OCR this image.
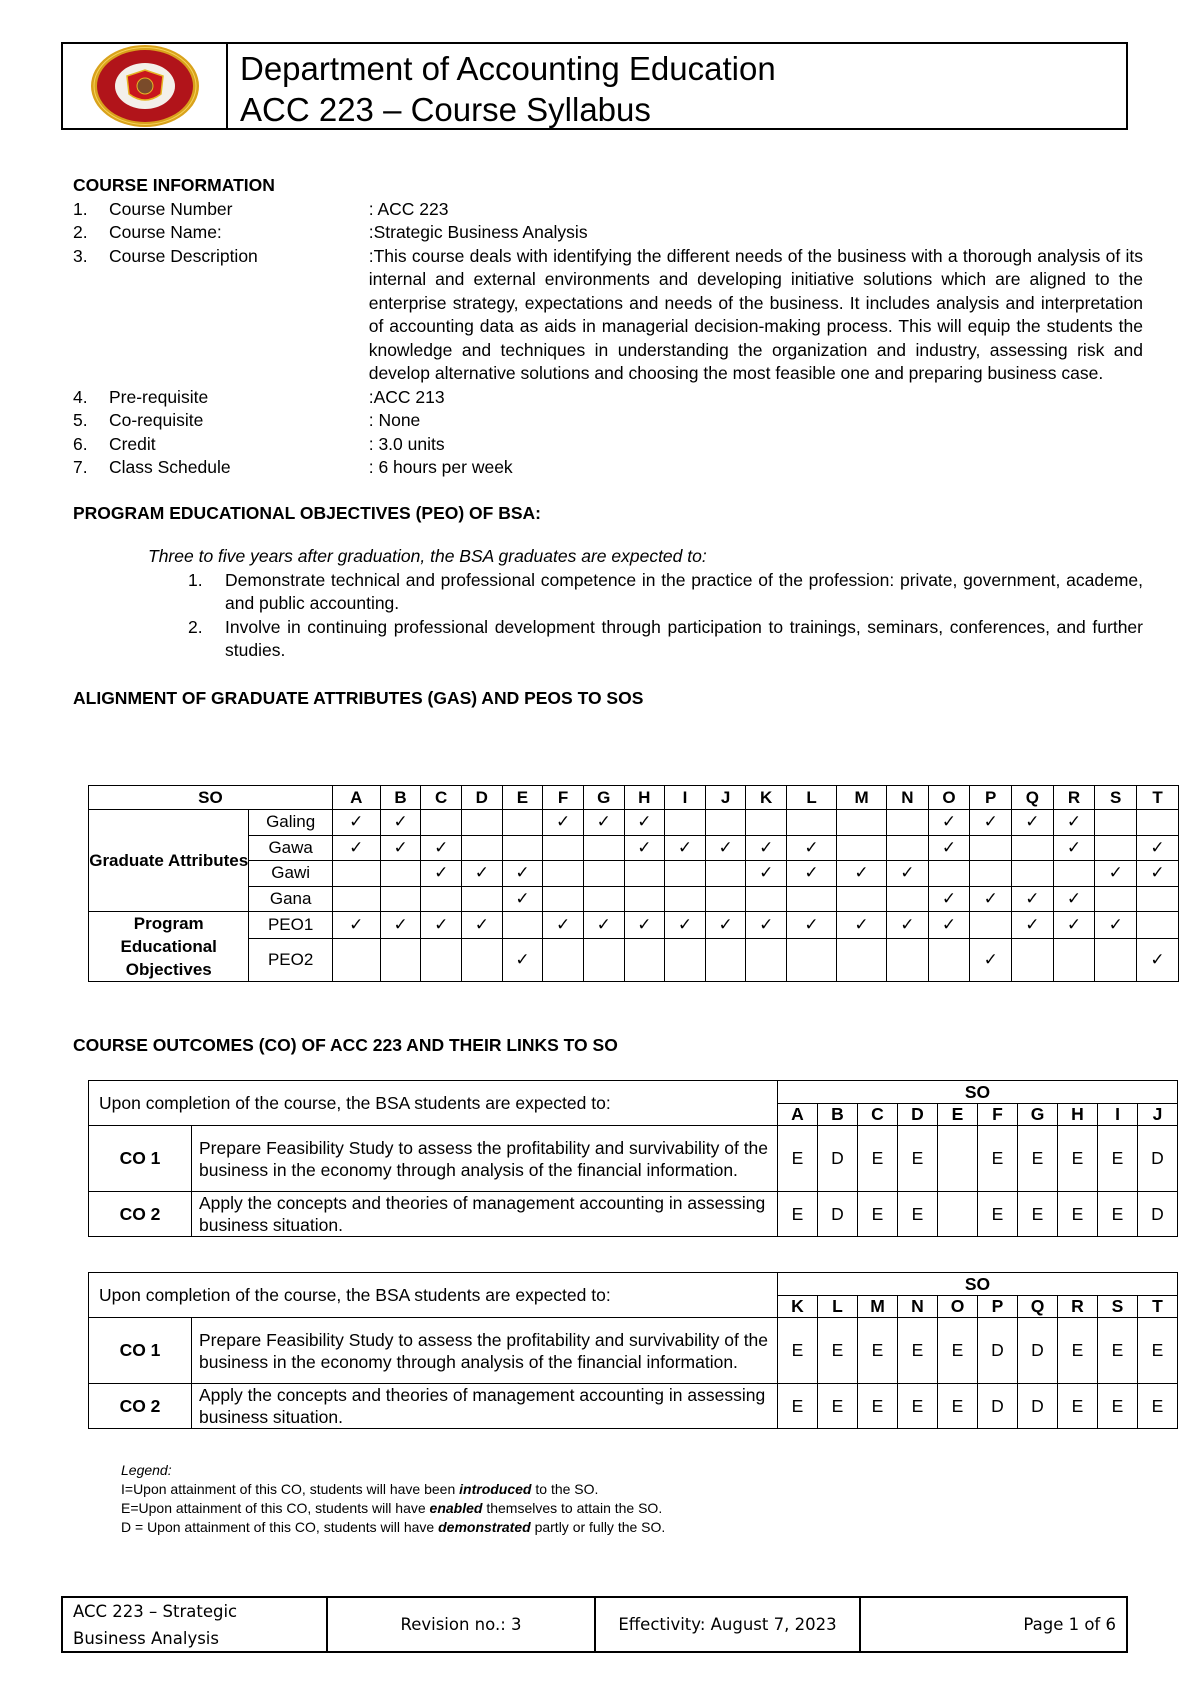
Department of Accounting Education
ACC 223 – Course Syllabus
COURSE INFORMATION
1.	Course Number	: ACC 223
2.	Course Name:	:Strategic Business Analysis
3.	Course Description	:This course deals with identifying the different needs of the business with a thorough analysis of its internal and external environments and developing initiative solutions which are aligned to the enterprise strategy, expectations and needs of the business. It includes analysis and interpretation of accounting data as aids in managerial decision-making process. This will equip the students the knowledge and techniques in understanding the organization and industry, assessing risk and develop alternative solutions and choosing the most feasible one and preparing business case.
4.	Pre-requisite	:ACC 213
5.	Co-requisite	: None
6.	Credit	: 3.0 units
7.	Class Schedule	: 6 hours per week
PROGRAM EDUCATIONAL OBJECTIVES (PEO) OF BSA:
Three to five years after graduation, the BSA graduates are expected to:
1.	Demonstrate technical and professional competence in the practice of the profession: private, government, academe, and public accounting.
2.	Involve in continuing professional development through participation to trainings, seminars, conferences, and further studies.
ALIGNMENT OF GRADUATE ATTRIBUTES (GAS) AND PEOS TO SOS
SO		A	B	C	D	E	F	G	H	I	J	K	L	M	N	O	P	Q	R	S	T
Graduate Attributes	Galing	✓	✓				✓	✓	✓							✓	✓	✓	✓		
	Gawa	✓	✓	✓					✓	✓	✓	✓	✓			✓			✓		✓
	Gawi			✓	✓	✓						✓	✓	✓	✓					✓	✓
	Gana					✓										✓	✓	✓	✓		
Program Educational Objectives	PEO1	✓	✓	✓	✓		✓	✓	✓	✓	✓	✓	✓	✓	✓	✓		✓	✓	✓	
	PEO2					✓											✓				✓
COURSE OUTCOMES (CO) OF ACC 223 AND THEIR LINKS TO SO
Upon completion of the course, the BSA students are expected to:		SO									
		A	B	C	D	E	F	G	H	I	J
CO 1	Prepare Feasibility Study to assess the profitability and survivability of the business in the economy through analysis of the financial information.	E	D	E	E		E	E	E	E	D
CO 2	Apply the concepts and theories of management accounting in assessing business situation.	E	D	E	E		E	E	E	E	D
Upon completion of the course, the BSA students are expected to:		SO									
		K	L	M	N	O	P	Q	R	S	T
CO 1	Prepare Feasibility Study to assess the profitability and survivability of the business in the economy through analysis of the financial information.	E	E	E	E	E	D	D	E	E	E
CO 2	Apply the concepts and theories of management accounting in assessing business situation.	E	E	E	E	E	D	D	E	E	E
Legend:
I=Upon attainment of this CO, students will have been introduced to the SO.
E=Upon attainment of this CO, students will have enabled themselves to attain the SO.
D = Upon attainment of this CO, students will have demonstrated partly or fully the SO.
ACC 223 – Strategic
Business Analysis
Revision no.: 3	Effectivity: August 7, 2023	Page 1 of 6
